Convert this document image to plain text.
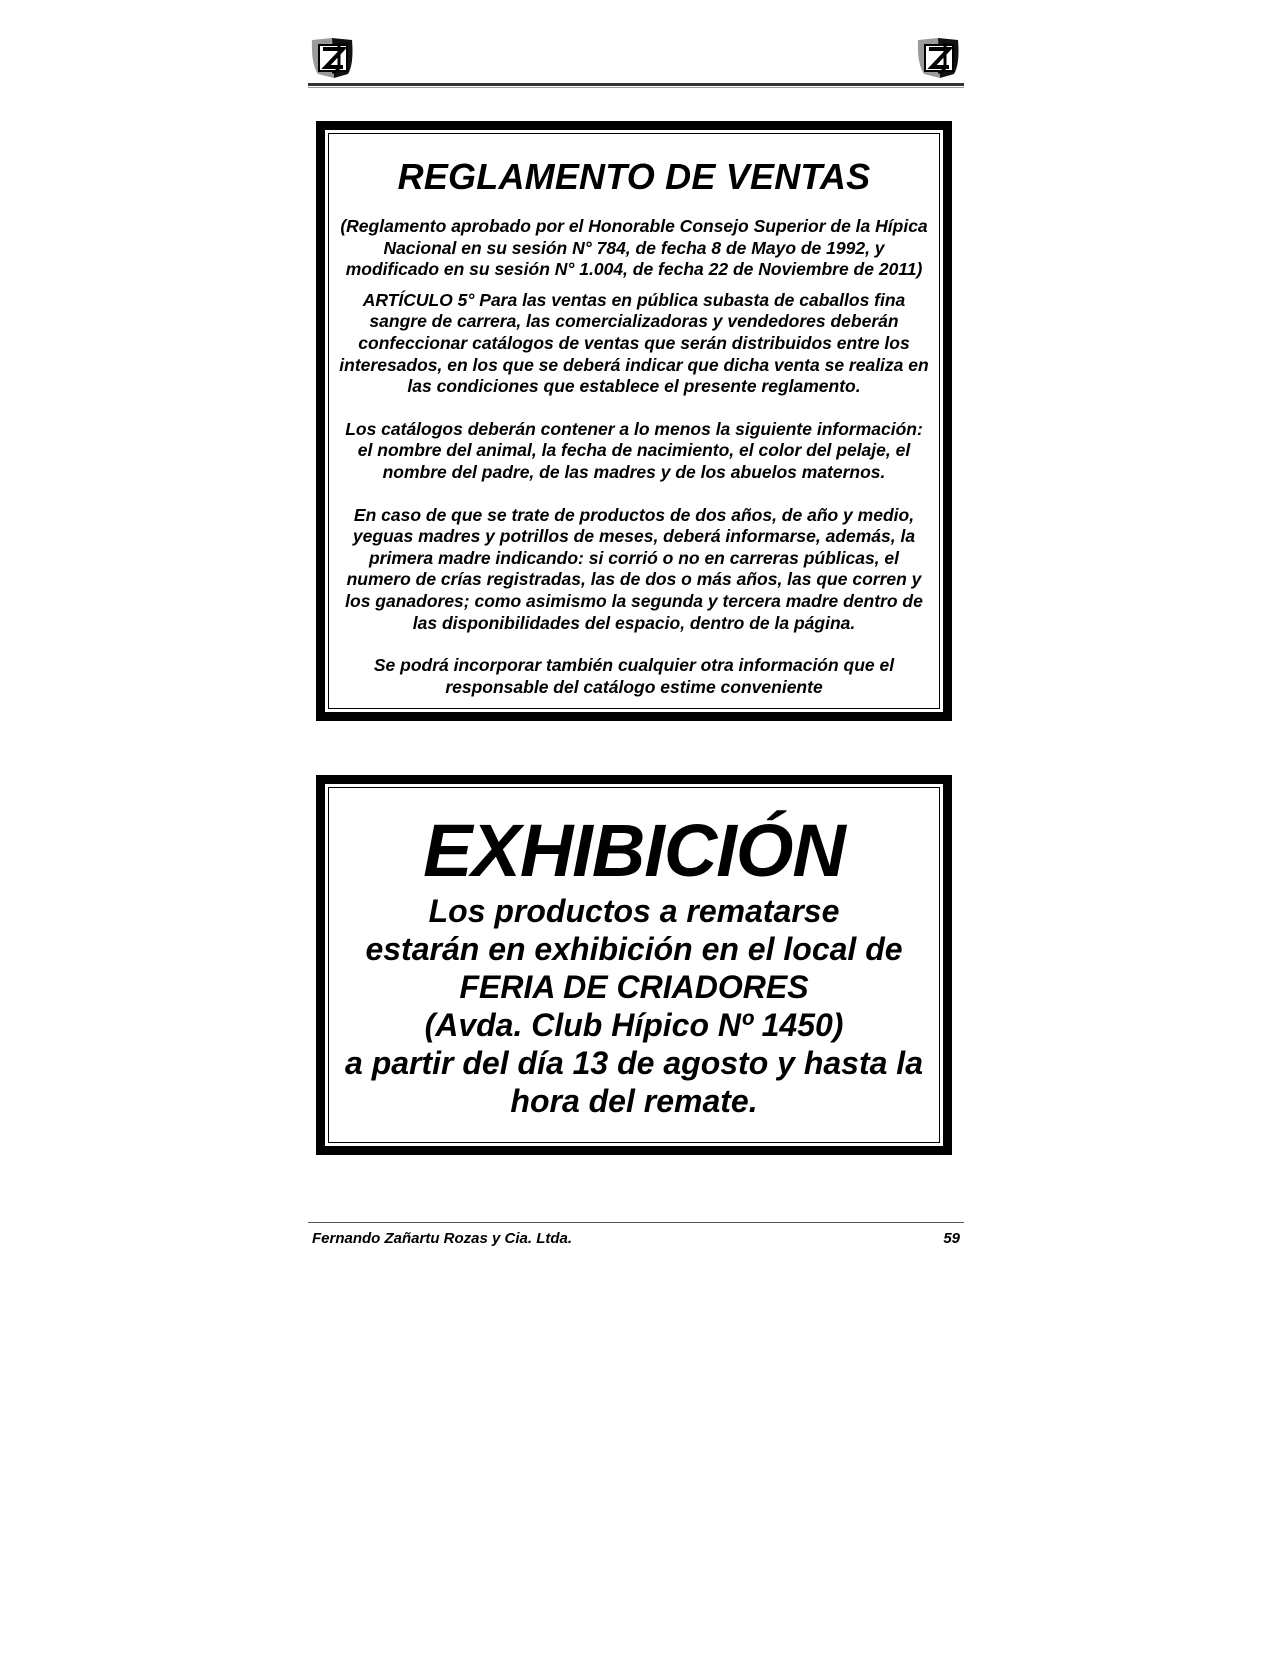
REGLAMENTO DE VENTAS

(Reglamento aprobado por el Honorable Consejo Superior de la Hípica Nacional en su sesión N° 784, de fecha 8 de Mayo de 1992, y modificado en su sesión N° 1.004, de fecha 22 de Noviembre de 2011)

ARTÍCULO 5° Para las ventas en pública subasta de caballos fina sangre de carrera, las comercializadoras y vendedores deberán confeccionar catálogos de ventas que serán distribuidos entre los interesados, en los que se deberá indicar que dicha venta se realiza en las condiciones que establece el presente reglamento.

Los catálogos deberán contener a lo menos la siguiente información: el nombre del animal, la fecha de nacimiento, el color del pelaje, el nombre del padre, de las madres y de los abuelos maternos.

En caso de que se trate de productos de dos años, de año y medio, yeguas madres y potrillos de meses, deberá informarse, además, la primera madre indicando: si corrió o no en carreras públicas, el numero de crías registradas, las de dos o más años, las que corren y los ganadores; como asimismo la segunda y tercera madre dentro de las disponibilidades del espacio, dentro de la página.

Se podrá incorporar también cualquier otra información que el responsable del catálogo estime conveniente

EXHIBICIÓN

Los productos a rematarse

estarán en exhibición en el local de

FERIA DE CRIADORES

(Avda. Club Hípico Nº 1450)

a partir del día 13 de agosto y hasta la

hora del remate.

Fernando Zañartu Rozas y Cia. Ltda.	59
